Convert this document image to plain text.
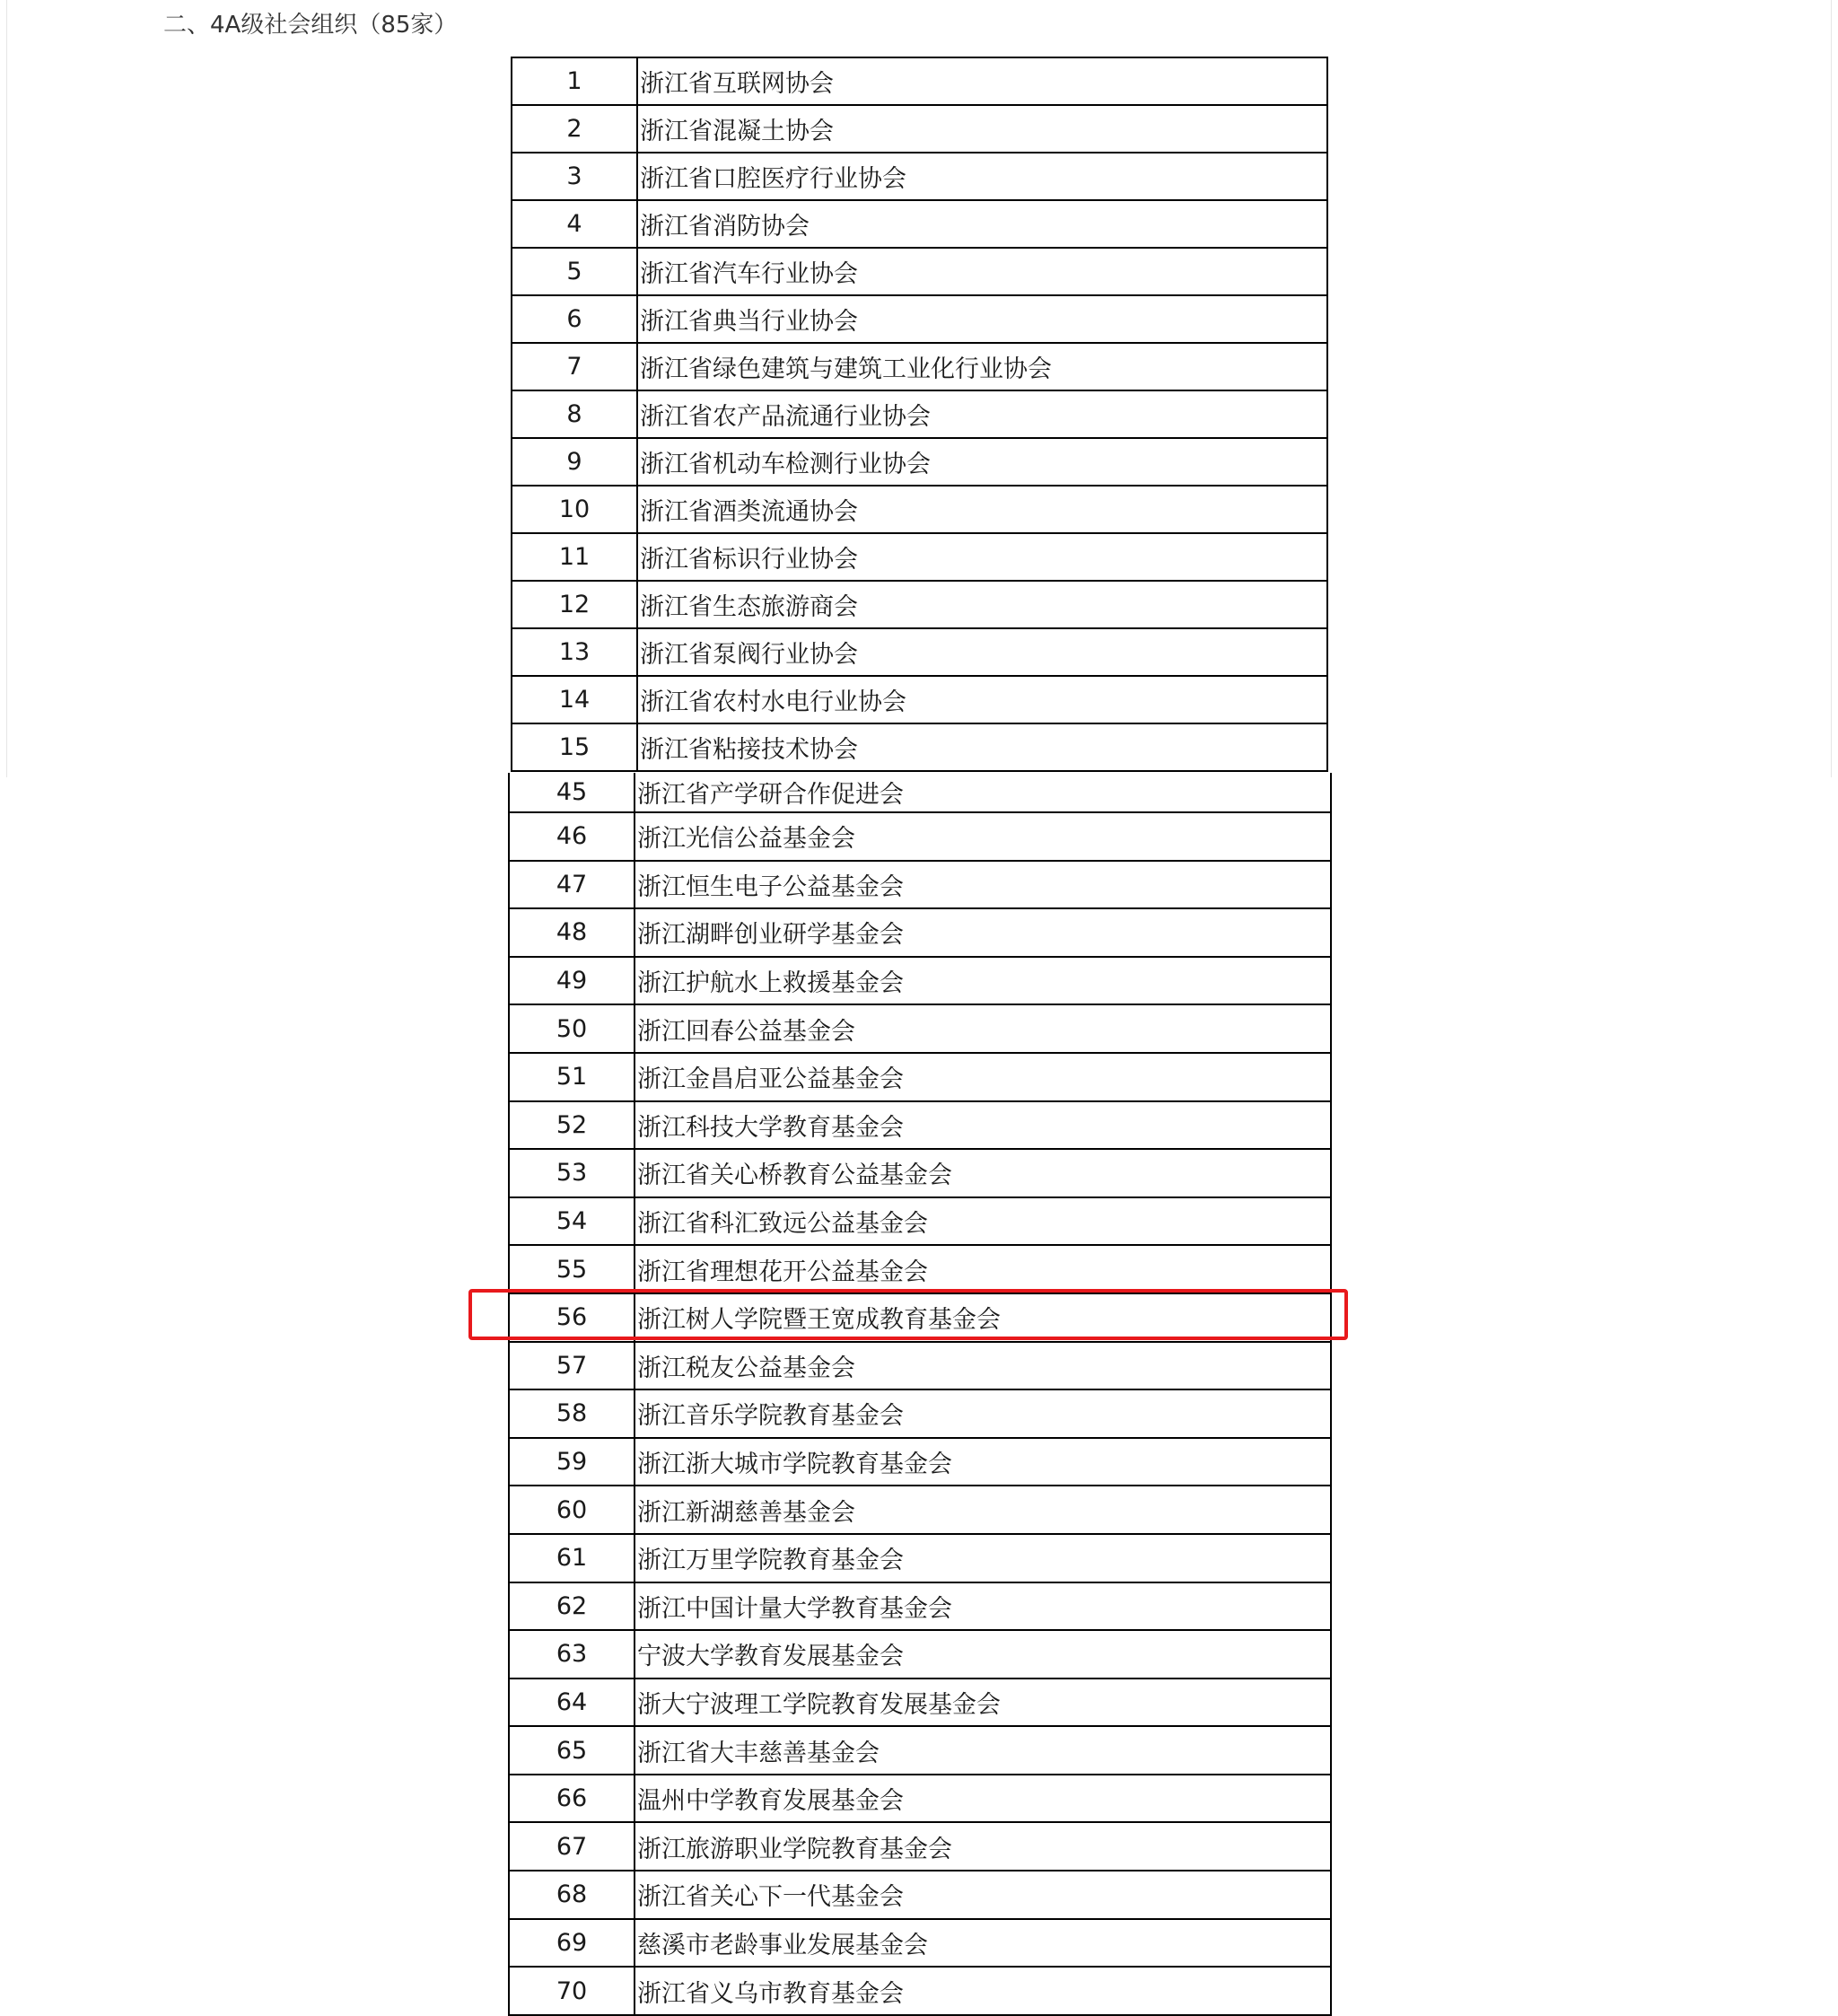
二、4A级社会组织（85家）
1	浙江省互联网协会
2	浙江省混凝土协会
3	浙江省口腔医疗行业协会
4	浙江省消防协会
5	浙江省汽车行业协会
6	浙江省典当行业协会
7	浙江省绿色建筑与建筑工业化行业协会
8	浙江省农产品流通行业协会
9	浙江省机动车检测行业协会
10	浙江省酒类流通协会
11	浙江省标识行业协会
12	浙江省生态旅游商会
13	浙江省泵阀行业协会
14	浙江省农村水电行业协会
15	浙江省粘接技术协会
45	浙江省产学研合作促进会
46	浙江光信公益基金会
47	浙江恒生电子公益基金会
48	浙江湖畔创业研学基金会
49	浙江护航水上救援基金会
50	浙江回春公益基金会
51	浙江金昌启亚公益基金会
52	浙江科技大学教育基金会
53	浙江省关心桥教育公益基金会
54	浙江省科汇致远公益基金会
55	浙江省理想花开公益基金会
56	浙江树人学院暨王宽成教育基金会
57	浙江税友公益基金会
58	浙江音乐学院教育基金会
59	浙江浙大城市学院教育基金会
60	浙江新湖慈善基金会
61	浙江万里学院教育基金会
62	浙江中国计量大学教育基金会
63	宁波大学教育发展基金会
64	浙大宁波理工学院教育发展基金会
65	浙江省大丰慈善基金会
66	温州中学教育发展基金会
67	浙江旅游职业学院教育基金会
68	浙江省关心下一代基金会
69	慈溪市老龄事业发展基金会
70	浙江省义乌市教育基金会
